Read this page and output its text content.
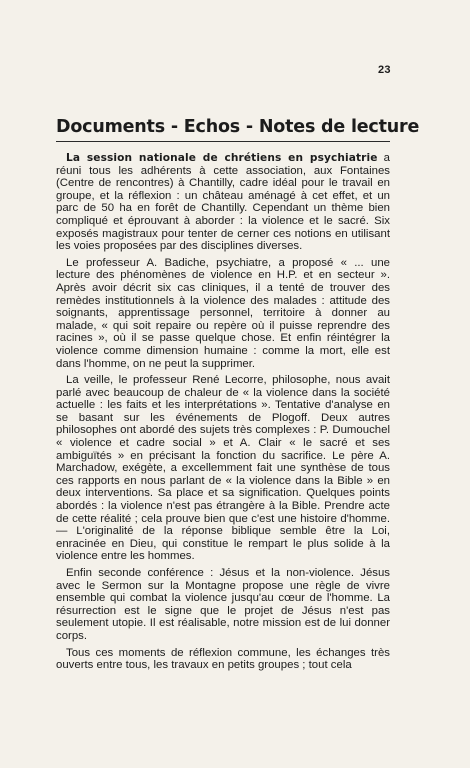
23
Documents - Echos - Notes de lecture

La session nationale de chrétiens en psychiatrie a réuni tous les adhérents à cette association, aux Fontaines (Centre de rencontres) à Chantilly, cadre idéal pour le travail en groupe, et la réflexion : un château aménagé à cet effet, et un parc de 50 ha en forêt de Chantilly. Cependant un thème bien compliqué et éprouvant à aborder : la violence et le sacré. Six exposés magistraux pour tenter de cerner ces notions en utilisant les voies proposées par des disciplines diverses.

Le professeur A. Badiche, psychiatre, a proposé « ... une lecture des phénomènes de violence en H.P. et en secteur ». Après avoir décrit six cas cliniques, il a tenté de trouver des remèdes institutionnels à la violence des malades : attitude des soignants, apprentissage personnel, territoire à donner au malade, « qui soit repaire ou repère où il puisse reprendre des racines », où il se passe quelque chose. Et enfin réintégrer la violence comme dimension humaine : comme la mort, elle est dans l'homme, on ne peut la supprimer.

La veille, le professeur René Lecorre, philosophe, nous avait parlé avec beaucoup de chaleur de « la violence dans la société actuelle : les faits et les interprétations ». Tentative d'analyse en se basant sur les événements de Plogoff. Deux autres philosophes ont abordé des sujets très complexes : P. Dumouchel « violence et cadre social » et A. Clair « le sacré et ses ambiguïtés » en précisant la fonction du sacrifice. Le père A. Marchadow, exégète, a excellemment fait une synthèse de tous ces rapports en nous parlant de « la violence dans la Bible » en deux interventions. Sa place et sa signification. Quelques points abordés : la violence n'est pas étrangère à la Bible. Prendre acte de cette réalité ; cela prouve bien que c'est une histoire d'homme. — L'originalité de la réponse biblique semble être la Loi, enracinée en Dieu, qui constitue le rempart le plus solide à la violence entre les hommes.

Enfin seconde conférence : Jésus et la non-violence. Jésus avec le Sermon sur la Montagne propose une règle de vivre ensemble qui combat la violence jusqu'au cœur de l'homme. La résurrection est le signe que le projet de Jésus n'est pas seulement utopie. Il est réalisable, notre mission est de lui donner corps.

Tous ces moments de réflexion commune, les échanges très ouverts entre tous, les travaux en petits groupes ; tout cela
